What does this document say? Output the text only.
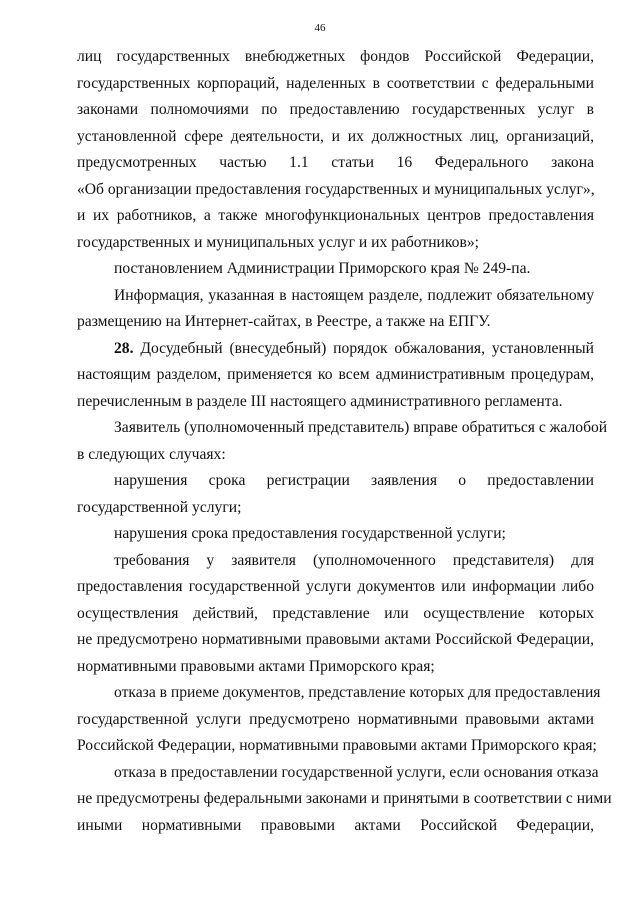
46
лиц государственных внебюджетных фондов Российской Федерации,
государственных корпораций, наделенных в соответствии с федеральными
законами полномочиями по предоставлению государственных услуг в
установленной сфере деятельности, и их должностных лиц, организаций,
предусмотренных частью 1.1 статьи 16 Федерального закона
«Об организации предоставления государственных и муниципальных услуг»,
и их работников, а также многофункциональных центров предоставления
государственных и муниципальных услуг и их работников»;
постановлением Администрации Приморского края № 249-па.
Информация, указанная в настоящем разделе, подлежит обязательному
размещению на Интернет-сайтах, в Реестре, а также на ЕПГУ.
28. Досудебный (внесудебный) порядок обжалования, установленный
настоящим разделом, применяется ко всем административным процедурам,
перечисленным в разделе III настоящего административного регламента.
Заявитель (уполномоченный представитель) вправе обратиться с жалобой
в следующих случаях:
нарушения срока регистрации заявления о предоставлении
государственной услуги;
нарушения срока предоставления государственной услуги;
требования у заявителя (уполномоченного представителя) для
предоставления государственной услуги документов или информации либо
осуществления действий, представление или осуществление которых
не предусмотрено нормативными правовыми актами Российской Федерации,
нормативными правовыми актами Приморского края;
отказа в приеме документов, представление которых для предоставления
государственной услуги предусмотрено нормативными правовыми актами
Российской Федерации, нормативными правовыми актами Приморского края;
отказа в предоставлении государственной услуги, если основания отказа
не предусмотрены федеральными законами и принятыми в соответствии с ними
иными нормативными правовыми актами Российской Федерации,
